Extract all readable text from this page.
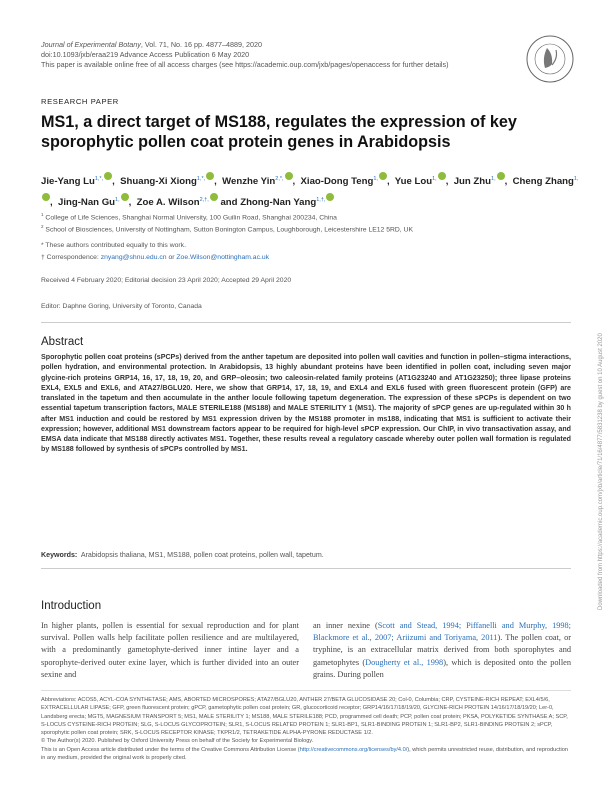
Journal of Experimental Botany, Vol. 71, No. 16 pp. 4877–4889, 2020
doi:10.1093/jxb/eraa219 Advance Access Publication 6 May 2020
This paper is available online free of all access charges (see https://academic.oup.com/jxb/pages/openaccess for further details)
RESEARCH PAPER
MS1, a direct target of MS188, regulates the expression of key sporophytic pollen coat protein genes in Arabidopsis
Jie-Yang $Lu^{1,*,}$ ,  Shuang-Xi Xiong$^{1,*,}$ ,  Wenzhe Yin$^{2,*,}$ ,  Xiao-Dong Teng$^{1,}$ ,  Yue Lou$^{1,}$ ,  Jun Zhu$^{1,}$ ,  Cheng Zhang$^{1,}$,  Jing-Nan $Gu^{1,}$ ,  Zoe A. Wilson$^{2,\dagger,}$ and Zhong-Nan Yang$^{1,\dagger,}$
$^1$ College of Life Sciences, Shanghai Normal University, 100 Guilin Road, Shanghai 200234, China
$^2$ School of Biosciences, University of Nottingham, Sutton Bonington Campus, Loughborough, Leicestershire LE12 5RD, UK
* These authors contributed equally to this work.
† Correspondence: znyang@shnu.edu.cn or Zoe.Wilson@nottingham.ac.uk
Received 4 February 2020; Editorial decision 23 April 2020; Accepted 29 April 2020
Editor: Daphne Goring, University of Toronto, Canada
Abstract
Sporophytic pollen coat proteins (sPCPs) derived from the anther tapetum are deposited into pollen wall cavities and function in pollen–stigma interactions, pollen hydration, and environmental protection. In Arabidopsis, 13 highly abundant proteins have been identified in pollen coat, including seven major glycine-rich proteins GRP14, 16, 17, 18, 19, 20, and GRP–oleosin; two caleosin-related family proteins (AT1G23240 and AT1G23250); three lipase proteins EXL4, EXL5 and EXL6, and ATA27/BGLU20. Here, we show that GRP14, 17, 18, 19, and EXL4 and EXL6 fused with green fluorescent protein (GFP) are translated in the tapetum and then accumulate in the anther locule following tapetum degeneration. The expression of these sPCPs is dependent on two essential tapetum transcription factors, MALE STERILE188 (MS188) and MALE STERILITY 1 (MS1). The majority of sPCP genes are up-regulated within 30 h after MS1 induction and could be restored by MS1 expression driven by the MS188 promoter in ms188, indicating that MS1 is sufficient to activate their expression; however, additional MS1 downstream factors appear to be required for high-level sPCP expression. Our ChIP, in vivo transactivation assay, and EMSA data indicate that MS188 directly activates MS1. Together, these results reveal a regulatory cascade whereby outer pollen wall formation is regulated by MS188 followed by synthesis of sPCPs controlled by MS1.
Keywords: Arabidopsis thaliana, MS1, MS188, pollen coat proteins, pollen wall, tapetum.
Introduction
In higher plants, pollen is essential for sexual reproduction and for plant survival. Pollen walls help facilitate pollen resilience and are multilayered, with a predominantly gametophyte-derived inner intine layer and a sporophyte-derived outer exine layer, which is further divided into an outer sexine and
an inner nexine (Scott and Stead, 1994; Piffanelli and Murphy, 1998; Blackmore et al., 2007; Ariizumi and Toriyama, 2011). The pollen coat, or tryphine, is an extracellular matrix derived from both sporophytes and gametophytes (Dougherty et al., 1998), which is deposited onto the pollen grains. During pollen
Abbreviations: ACOS5, ACYL-COA SYNTHETASE; AMS, ABORTED MICROSPORES; ATA27/BGLU20, ANTHER 27/BETA GLUCOSIDASE 20; Col-0, Columbia; CRP, CYSTEINE-RICH REPEAT; EXL4/5/6, EXTRACELLULAR LIPASE; GFP, green fluorescent protein; gPCP, gametophytic pollen coat protein; GR, glucocorticoid receptor; GRP14/16/17/18/19/20, GLYCINE-RICH PROTEIN 14/16/17/18/19/20; Ler-0, Landsberg erecta; MGT5, MAGNESIUM TRANSPORT 5; MS1, MALE STERILITY 1; MS188, MALE STERILE188; PCD, programmed cell death; PCP, pollen coat protein; PKSA, POLYKETIDE SYNTHASE A; SCP, S-LOCUS CYSTEINE-RICH PROTEIN; SLG, S-LOCUS GLYCOPROTEIN; SLR1, S-LOCUS RELATED PROTEIN 1; SLR1-BP1, SLR1-BINDING PROTEIN 1; SLR1-BP2, SLR1-BINDING PROTEIN 2; sPCP, sporophytic pollen coat protein; SRK, S-LOCUS RECEPTOR KINASE; TKPR1/2, TETRAKETIDE ALPHA-PYRONE REDUCTASE 1/2.
© The Author(s) 2020. Published by Oxford University Press on behalf of the Society for Experimental Biology.
This is an Open Access article distributed under the terms of the Creative Commons Attribution License (http://creativecommons.org/licenses/by/4.0/), which permits unrestricted reuse, distribution, and reproduction in any medium, provided the original work is properly cited.
Downloaded from https://academic.oup.com/jxb/article/71/16/4877/5831238 by guest on 10 August 2020
